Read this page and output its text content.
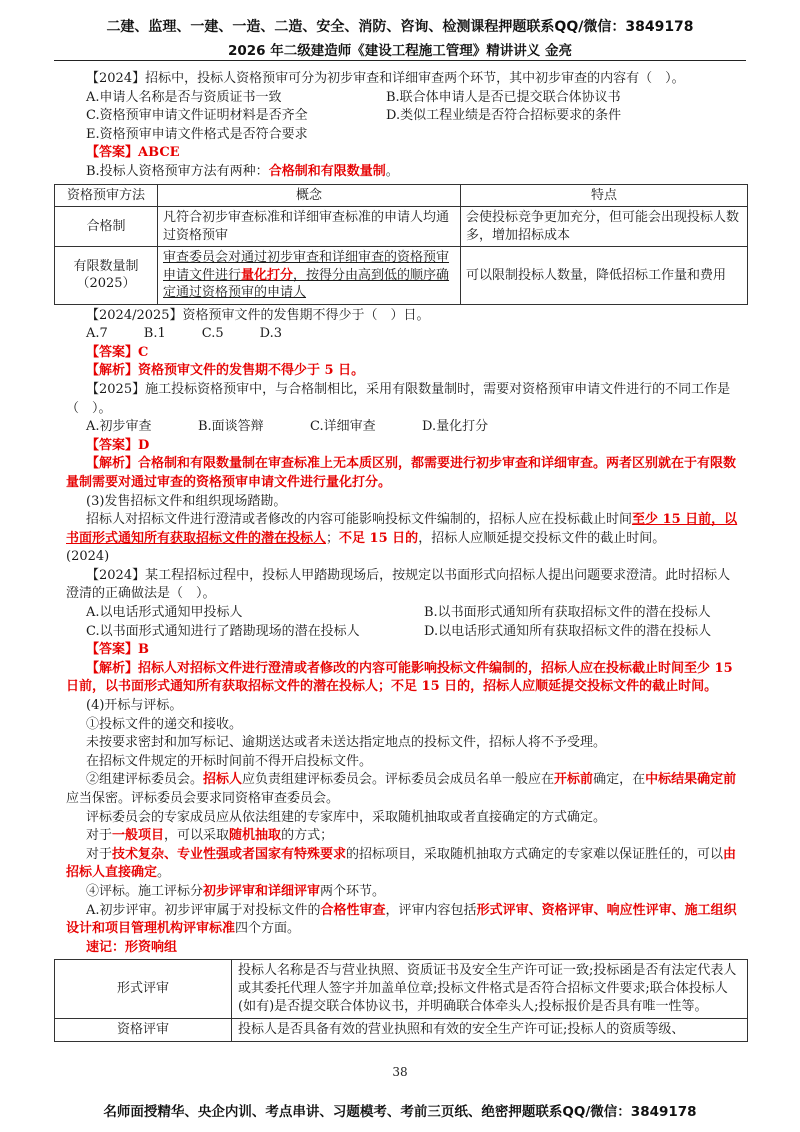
二建、监理、一建、一造、二造、安全、消防、咨询、检测课程押题联系QQ/微信：3849178
2026 年二级建造师《建设工程施工管理》精讲讲义 金亮

【2024】招标中，投标人资格预审可分为初步审查和详细审查两个环节，其中初步审查的内容有（　）。

A.申请人名称是否与资质证书一致	B.联合体申请人是否已提交联合体协议书
C.资格预审申请文件证明材料是否齐全	D.类似工程业绩是否符合招标要求的条件

E.资格预审申请文件格式是否符合要求

【答案】ABCE

B.投标人资格预审方法有两种：合格制和有限数量制。

资格预审方法	概念	特点
合格制	凡符合初步审查标准和详细审查标准的申请人均通过资格预审	会使投标竞争更加充分，但可能会出现投标人数多，增加招标成本

有限数量制
（2025）	审查委员会对通过初步审查和详细审查的资格预审申请文件进行量化打分，按得分由高到低的顺序确定通过资格预审的申请人	可以限制投标人数量，降低招标工作量和费用

【2024/2025】资格预审文件的发售期不得少于（　）日。

A.7	B.1	C.5	D.3

【答案】C

【解析】资格预审文件的发售期不得少于 5 日。

【2025】施工投标资格预审中，与合格制相比，采用有限数量制时，需要对资格预审申请文件进行的不同工作是（　）。

A.初步审查	B.面谈答辩	C.详细审查	D.量化打分

【答案】D

【解析】合格制和有限数量制在审查标准上无本质区别，都需要进行初步审查和详细审查。两者区别就在于有限数量制需要对通过审查的资格预审申请文件进行量化打分。

(3)发售招标文件和组织现场踏勘。

招标人对招标文件进行澄清或者修改的内容可能影响投标文件编制的，招标人应在投标截止时间至少 15 日前，以书面形式通知所有获取招标文件的潜在投标人；不足 15 日的，招标人应顺延提交投标文件的截止时间。

(2024)

【2024】某工程招标过程中，投标人甲踏勘现场后，按规定以书面形式向招标人提出问题要求澄清。此时招标人澄清的正确做法是（　）。

A.以电话形式通知甲投标人	B.以书面形式通知所有获取招标文件的潜在投标人
C.以书面形式通知进行了踏勘现场的潜在投标人	D.以电话形式通知所有获取招标文件的潜在投标人

【答案】B

【解析】招标人对招标文件进行澄清或者修改的内容可能影响投标文件编制的，招标人应在投标截止时间至少 15 日前，以书面形式通知所有获取招标文件的潜在投标人；不足 15 日的，招标人应顺延提交投标文件的截止时间。

(4)开标与评标。

①投标文件的递交和接收。

未按要求密封和加写标记、逾期送达或者未送达指定地点的投标文件，招标人将不予受理。

在招标文件规定的开标时间前不得开启投标文件。

②组建评标委员会。招标人应负责组建评标委员会。评标委员会成员名单一般应在开标前确定，在中标结果确定前应当保密。评标委员会要求同资格审查委员会。

评标委员会的专家成员应从依法组建的专家库中，采取随机抽取或者直接确定的方式确定。

对于一般项目，可以采取随机抽取的方式；

对于技术复杂、专业性强或者国家有特殊要求的招标项目，采取随机抽取方式确定的专家难以保证胜任的，可以由招标人直接确定。

④评标。施工评标分初步评审和详细评审两个环节。

A.初步评审。初步评审属于对投标文件的合格性审查，评审内容包括形式评审、资格评审、响应性评审、施工组织设计和项目管理机构评审标准四个方面。

速记：形资响组

形式评审	投标人名称是否与营业执照、资质证书及安全生产许可证一致;投标函是否有法定代表人或其委托代理人签字并加盖单位章;投标文件格式是否符合招标文件要求;联合体投标人(如有)是否提交联合体协议书，并明确联合体牵头人;投标报价是否具有唯一性等。
资格评审	投标人是否具备有效的营业执照和有效的安全生产许可证;投标人的资质等级、
38
名师面授精华、央企内训、考点串讲、习题模考、考前三页纸、绝密押题联系QQ/微信：3849178
